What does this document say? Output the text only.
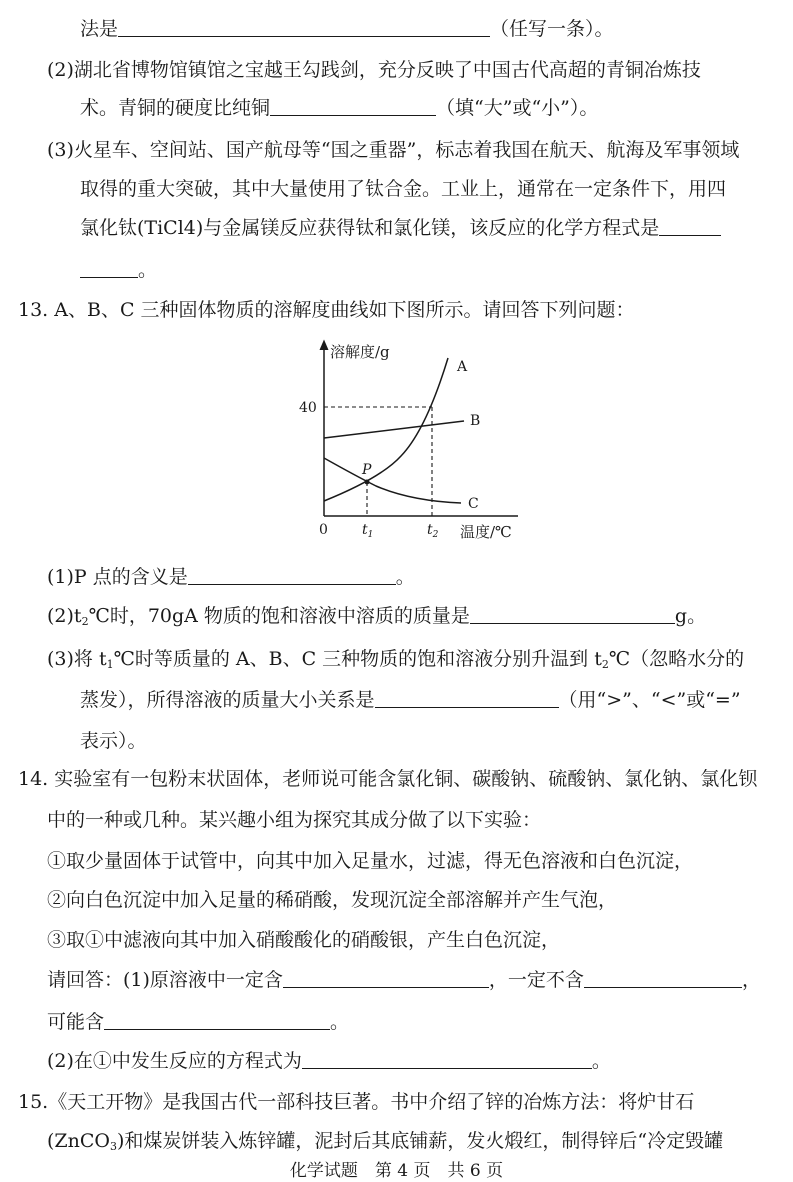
法是	（任写一条）。
(2)湖北省博物馆镇馆之宝越王勾践剑，充分反映了中国古代高超的青铜冶炼技
术。青铜的硬度比纯铜	（填“大”或“小”）。
(3)火星车、空间站、国产航母等“国之重器”，标志着我国在航天、航海及军事领域
取得的重大突破，其中大量使用了钛合金。工业上，通常在一定条件下，用四
氯化钛(TiCl4)与金属镁反应获得钛和氯化镁，该反应的化学方程式是
。
13. A、B、C 三种固体物质的溶解度曲线如下图所示。请回答下列问题：
溶解度/g
温度/℃
40
0 $t_1$	$t_2$
P
A
B
C
(1)P 点的含义是	。
$(2)t_2℃$时，70gA 物质的饱和溶液中溶质的质量是	g。
(3)将 $t_1℃$时等质量的 A、B、C 三种物质的饱和溶液分别升温到 $t_2℃$（忽略水分的
蒸发），所得溶液的质量大小关系是	（用“>”、“<”或“=”
表示）。
14. 实验室有一包粉末状固体，老师说可能含氯化铜、碳酸钠、硫酸钠、氯化钠、氯化钡
中的一种或几种。某兴趣小组为探究其成分做了以下实验：
①取少量固体于试管中，向其中加入足量水，过滤，得无色溶液和白色沉淀，
②向白色沉淀中加入足量的稀硝酸，发现沉淀全部溶解并产生气泡，
③取①中滤液向其中加入硝酸酸化的硝酸银，产生白色沉淀，
请回答：(1)原溶液中一定含	，一定不含	，
可能含	。
(2)在①中发生反应的方程式为	。
15.《天工开物》是我国古代一部科技巨著。书中介绍了锌的冶炼方法：将炉甘石
(ZnCO$_3$)和煤炭饼装入炼锌罐，泥封后其底铺薪，发火煅红，制得锌后“冷定毁罐
化学试题　第 4 页　共 6 页
